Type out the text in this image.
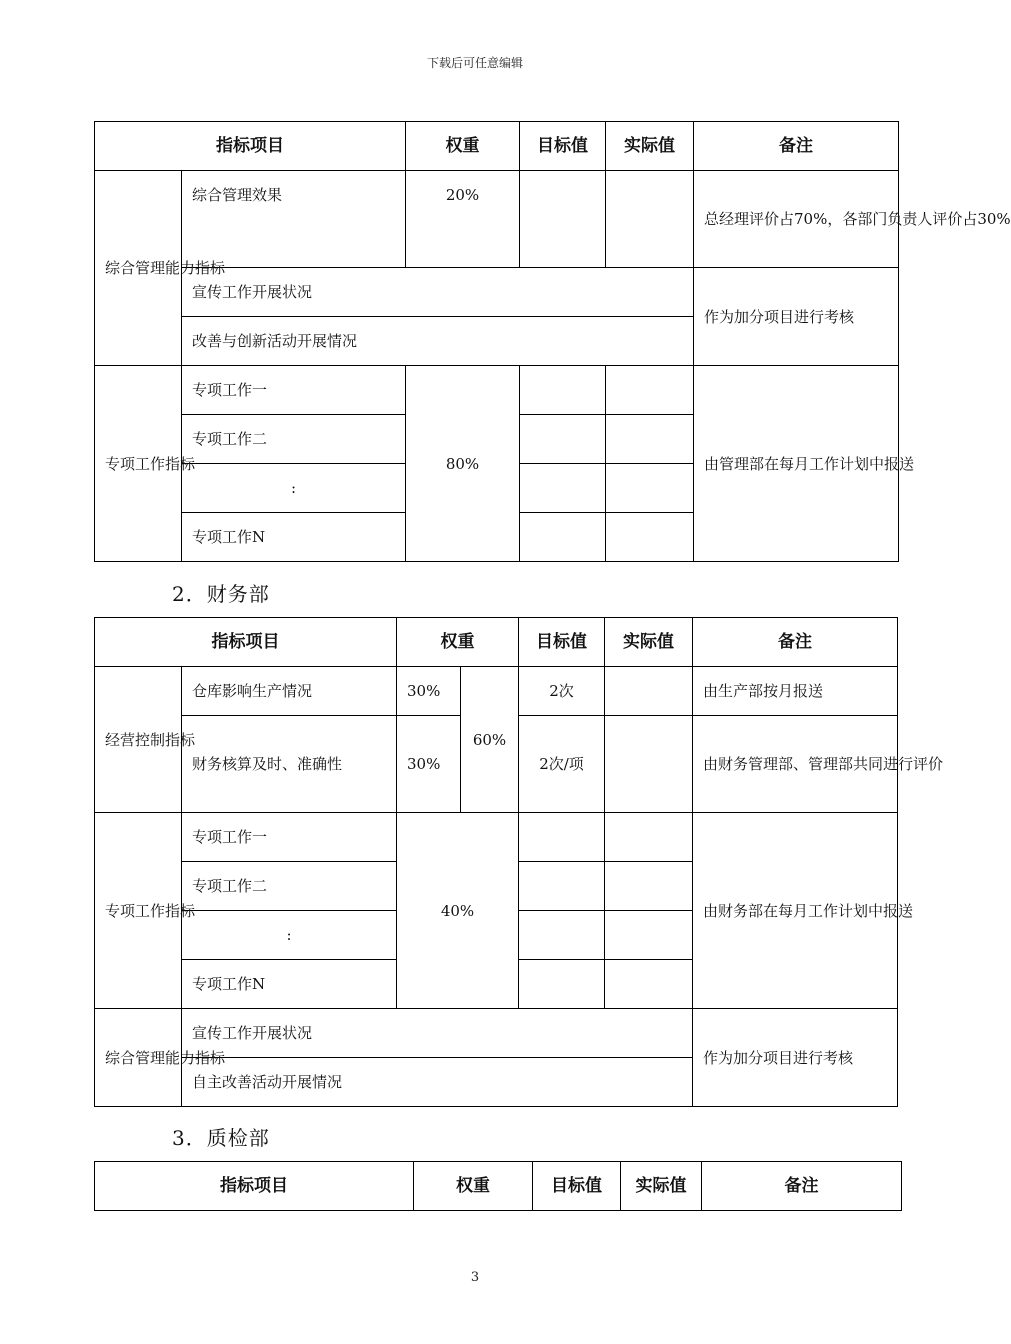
下载后可任意编辑
指标项目		权重	目标值	实际值	备注
综合管理能力指标	综合管理效果	20%			总经理评价占70%，各部门负责人评价占30%
	宣传工作开展状况				作为加分项目进行考核
	改善与创新活动开展情况				
专项工作指标	专项工作一	80%			由管理部在每月工作计划中报送
	专项工作二				
	:				
	专项工作N				
2．财务部
指标项目		权重		目标值	实际值	备注
经营控制指标	仓库影响生产情况	30%	60%	2次		由生产部按月报送
	财务核算及时、准确性	30%		2次/项		由财务管理部、管理部共同进行评价
专项工作指标	专项工作一	40%				由财务部在每月工作计划中报送
	专项工作二					
	:					
	专项工作N					
综合管理能力指标	宣传工作开展状况					作为加分项目进行考核
	自主改善活动开展情况					
3．质检部
指标项目	权重	目标值	实际值	备注
3
